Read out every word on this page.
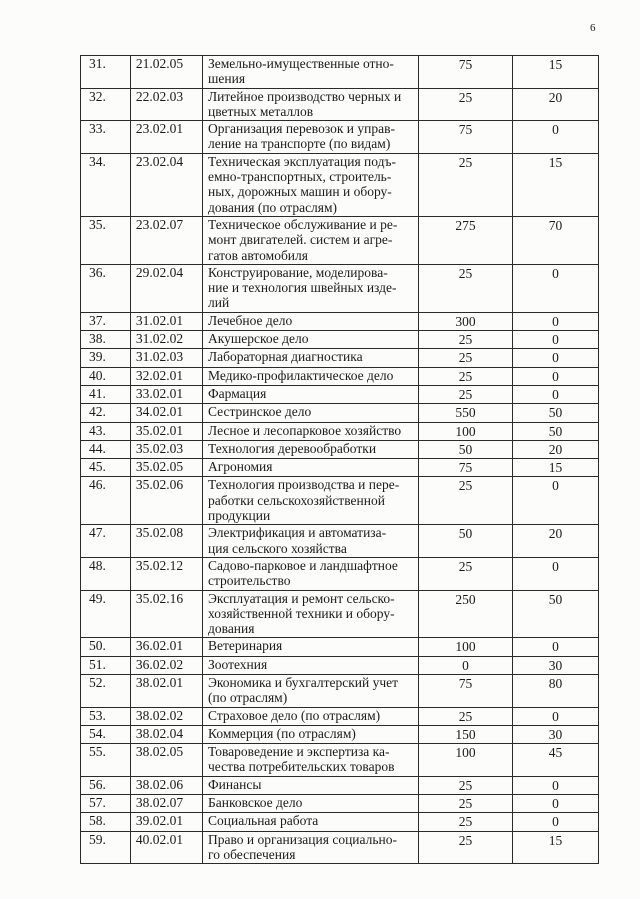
6
31.	21.02.05	Земельно-имущественные отно-
шения	75	15

32.	22.02.03	Литейное производство черных и
цветных металлов	25	20

33.	23.02.01	Организация перевозок и управ-
ление на транспорте (по видам)	75	0

34.	23.02.04	Техническая эксплуатация подъ-
емно-транспортных, строитель-
ных, дорожных машин и обору-
дования (по отраслям)	25	15

35.	23.02.07	Техническое обслуживание и ре-
монт двигателей. систем и агре-
гатов автомобиля	275	70

36.	29.02.04	Конструирование, моделирова-
ние и технология швейных изде-
лий	25	0

37.	31.02.01	Лечебное дело	300	0

38.	31.02.02	Акушерское дело	25	0

39.	31.02.03	Лабораторная диагностика	25	0

40.	32.02.01	Медико-профилактическое дело	25	0

41.	33.02.01	Фармация	25	0

42.	34.02.01	Сестринское дело	550	50

43.	35.02.01	Лесное и лесопарковое хозяйство	100	50

44.	35.02.03	Технология деревообработки	50	20

45.	35.02.05	Агрономия	75	15

46.	35.02.06	Технология производства и пере-
работки сельскохозяйственной
продукции	25	0

47.	35.02.08	Электрификация и автоматиза-
ция сельского хозяйства	50	20

48.	35.02.12	Садово-парковое и ландшафтное
строительство	25	0

49.	35.02.16	Эксплуатация и ремонт сельско-
хозяйственной техники и обору-
дования	250	50

50.	36.02.01	Ветеринария	100	0

51.	36.02.02	Зоотехния	0	30

52.	38.02.01	Экономика и бухгалтерский учет
(по отраслям)	75	80

53.	38.02.02	Страховое дело (по отраслям)	25	0

54.	38.02.04	Коммерция (по отраслям)	150	30

55.	38.02.05	Товароведение и экспертиза ка-
чества потребительских товаров	100	45

56.	38.02.06	Финансы	25	0

57.	38.02.07	Банковское дело	25	0

58.	39.02.01	Социальная работа	25	0

59.	40.02.01	Право и организация социально-
го обеспечения	25	15
